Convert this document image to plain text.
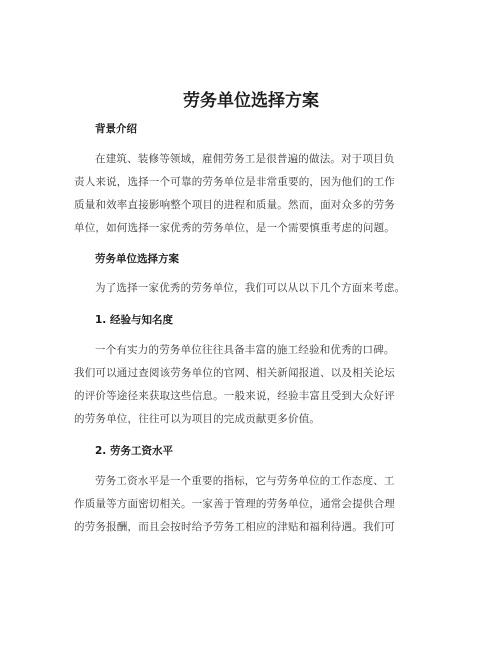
劳务单位选择方案
背景介绍

在建筑、装修等领域，雇佣劳务工是很普遍的做法。对于项目负

责人来说，选择一个可靠的劳务单位是非常重要的，因为他们的工作

质量和效率直接影响整个项目的进程和质量。然而，面对众多的劳务

单位，如何选择一家优秀的劳务单位，是一个需要慎重考虑的问题。

劳务单位选择方案

为了选择一家优秀的劳务单位，我们可以从以下几个方面来考虑。

1. 经验与知名度

一个有实力的劳务单位往往具备丰富的施工经验和优秀的口碑。

我们可以通过查阅该劳务单位的官网、相关新闻报道、以及相关论坛

的评价等途径来获取这些信息。一般来说，经验丰富且受到大众好评

的劳务单位，往往可以为项目的完成贡献更多价值。

2. 劳务工资水平

劳务工资水平是一个重要的指标，它与劳务单位的工作态度、工

作质量等方面密切相关。一家善于管理的劳务单位，通常会提供合理

的劳务报酬，而且会按时给予劳务工相应的津贴和福利待遇。我们可
